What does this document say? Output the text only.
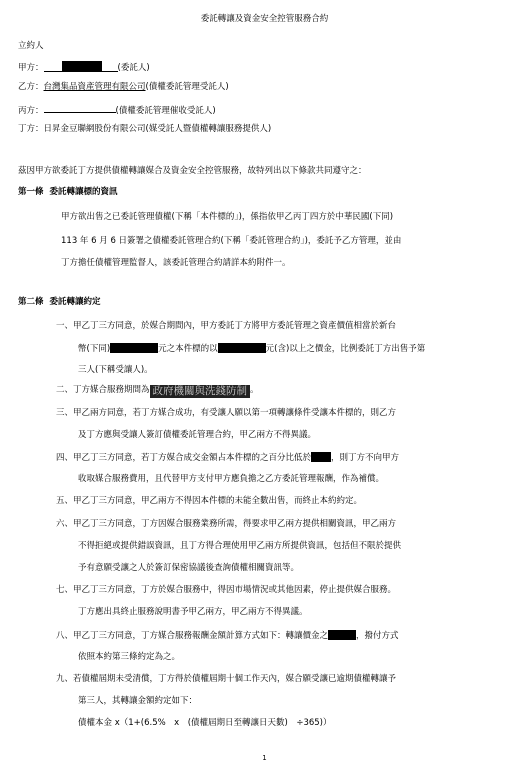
委託轉讓及資金安全控管服務合約
立約人
甲方：	(委託人)
乙方：台灣集品資產管理有限公司(債權委託管理受託人)
丙方：	(債權委託管理催收受託人)
丁方：日昇金豆聯網股份有限公司(媒受託人暨債權轉讓服務提供人)
茲因甲方欲委託丁方提供債權轉讓媒合及資金安全控管服務，故特列出以下條款共同遵守之：
第一條 委託轉讓標的資訊
甲方欲出售之已委託管理債權(下稱「本件標的」)，係指依甲乙丙丁四方於中華民國(下同)
113 年 6 月 6 日簽署之債權委託管理合約(下稱「委託管理合約」)，委託予乙方管理，並由
丁方擔任債權管理監督人，該委託管理合約請詳本約附件一。
第二條 委託轉讓約定
一、甲乙丁三方同意，於媒合期間內，甲方委託丁方將甲方委託管理之資產價值相當於新台
幣(下同)	元之本件標的以	元(含)以上之價金，比例委託丁方出售予第
三人(下稱受讓人)。
二、丁方媒合服務期間為 政府機關與洗錢防制 。
三、甲乙兩方同意，若丁方媒合成功，有受讓人願以第一項轉讓條件受讓本件標的，則乙方
及丁方應與受讓人簽訂債權委託管理合約，甲乙兩方不得異議。
四、甲乙丁三方同意，若丁方媒合成交金額占本件標的之百分比低於 ，則丁方不向甲方
收取媒合服務費用，且代替甲方支付甲方應負擔之乙方委託管理報酬，作為補償。
五、甲乙丁三方同意，甲乙兩方不得因本件標的未能全數出售，而終止本約約定。
六、甲乙丁三方同意，丁方因媒合服務業務所需，得要求甲乙兩方提供相關資訊，甲乙兩方
不得拒絕或提供錯誤資訊，且丁方得合理使用甲乙兩方所提供資訊，包括但不限於提供
予有意願受讓之人於簽訂保密協議後查詢債權相關資訊等。
七、甲乙丁三方同意，丁方於媒合服務中，得因市場情況或其他因素，停止提供媒合服務。
丁方應出具終止服務說明書予甲乙兩方，甲乙兩方不得異議。
八、甲乙丁三方同意，丁方媒合服務報酬金額計算方式如下：轉讓價金之	，撥付方式
依照本約第三條約定為之。
九、若債權屆期未受清償，丁方得於債權屆期十個工作天內，媒合願受讓已逾期債權轉讓予
第三人，其轉讓金額約定如下：
債權本金 x（1+(6.5%　x　(債權屆期日至轉讓日天數)　÷365)）
1
